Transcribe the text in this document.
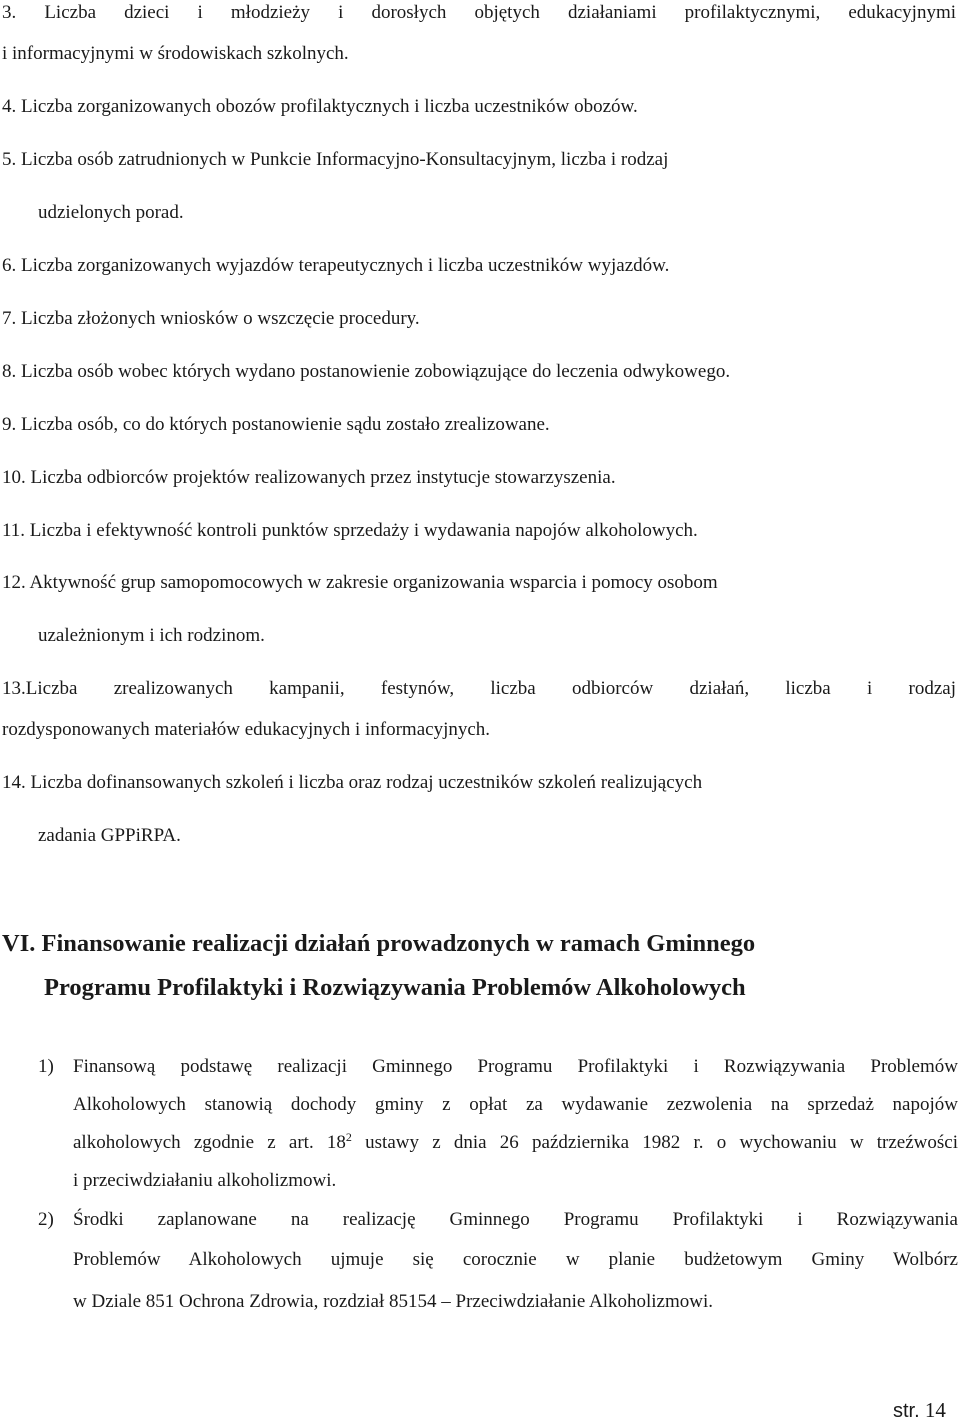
3. Liczba dzieci i młodzieży i dorosłych objętych działaniami profilaktycznymi, edukacyjnymi

i informacyjnymi w środowiskach szkolnych.

4. Liczba zorganizowanych obozów profilaktycznych i liczba uczestników obozów.

5. Liczba osób zatrudnionych w Punkcie Informacyjno-Konsultacyjnym, liczba i rodzaj

udzielonych porad.

6. Liczba zorganizowanych wyjazdów terapeutycznych i liczba uczestników wyjazdów.

7. Liczba złożonych wniosków o wszczęcie procedury.

8. Liczba osób wobec których wydano postanowienie zobowiązujące do leczenia odwykowego.

9. Liczba osób, co do których postanowienie sądu zostało zrealizowane.

10. Liczba odbiorców projektów realizowanych przez instytucje stowarzyszenia.

11. Liczba i efektywność kontroli punktów sprzedaży i wydawania napojów alkoholowych.

12. Aktywność grup samopomocowych w zakresie organizowania wsparcia i pomocy osobom

uzależnionym i ich rodzinom.

13.Liczba zrealizowanych kampanii, festynów, liczba odbiorców działań, liczba i rodzaj

rozdysponowanych materiałów edukacyjnych i informacyjnych.

14. Liczba dofinansowanych szkoleń i liczba oraz rodzaj uczestników szkoleń realizujących

zadania GPPiRPA.

VI. Finansowanie realizacji działań prowadzonych w ramach Gminnego
Programu Profilaktyki i Rozwiązywania Problemów Alkoholowych
1) Finansową podstawę realizacji Gminnego Programu Profilaktyki i Rozwiązywania Problemów

Alkoholowych stanowią dochody gminy z opłat za wydawanie zezwolenia na sprzedaż napojów

alkoholowych zgodnie z art. $18^2$ ustawy z dnia 26 października 1982 r. o wychowaniu w trzeźwości

i przeciwdziałaniu alkoholizmowi.

2) Środki zaplanowane na realizację Gminnego Programu Profilaktyki i Rozwiązywania

Problemów Alkoholowych ujmuje się corocznie w planie budżetowym Gminy Wolbórz

w Dziale 851 Ochrona Zdrowia, rozdział 85154 – Przeciwdziałanie Alkoholizmowi.

str. 14
